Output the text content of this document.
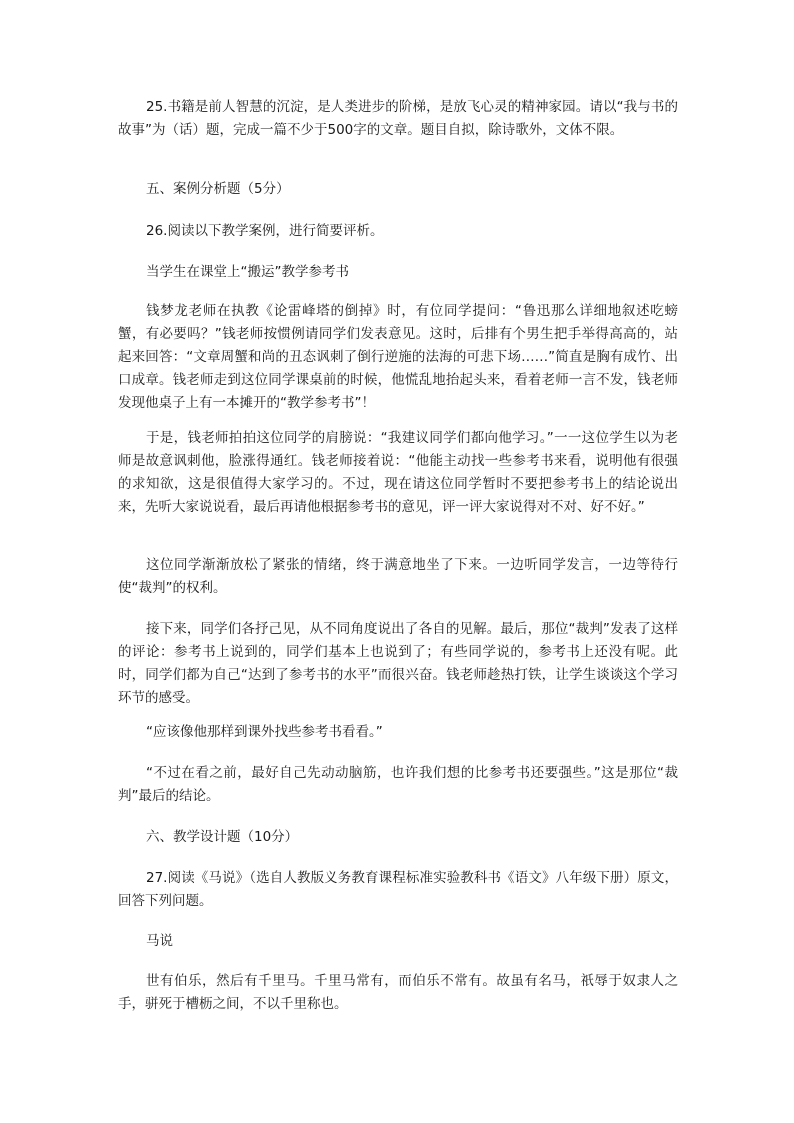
25.书籍是前人智慧的沉淀，是人类进步的阶梯，是放飞心灵的精神家园。请以“我与书的故事”为（话）题，完成一篇不少于500字的文章。题目自拟，除诗歌外，文体不限。

五、案例分析题（5分）

26.阅读以下教学案例，进行简要评析。

当学生在课堂上“搬运”教学参考书

钱梦龙老师在执教《论雷峰塔的倒掉》时，有位同学提问：“鲁迅那么详细地叙述吃螃蟹，有必要吗？”钱老师按惯例请同学们发表意见。这时，后排有个男生把手举得高高的，站起来回答：“文章周蟹和尚的丑态讽刺了倒行逆施的法海的可悲下场……”简直是胸有成竹、出口成章。钱老师走到这位同学课桌前的时候，他慌乱地抬起头来，看着老师一言不发，钱老师发现他桌子上有一本摊开的“教学参考书”！

于是，钱老师拍拍这位同学的肩膀说：“我建议同学们都向他学习。”一一这位学生以为老师是故意讽刺他，脸涨得通红。钱老师接着说：“他能主动找一些参考书来看，说明他有很强的求知欲，这是很值得大家学习的。不过，现在请这位同学暂时不要把参考书上的结论说出来，先听大家说说看，最后再请他根据参考书的意见，评一评大家说得对不对、好不好。”

这位同学渐渐放松了紧张的情绪，终于满意地坐了下来。一边听同学发言，一边等待行使“裁判”的权利。

接下来，同学们各抒己见，从不同角度说出了各自的见解。最后，那位“裁判”发表了这样的评论：参考书上说到的，同学们基本上也说到了；有些同学说的，参考书上还没有呢。此时，同学们都为自己“达到了参考书的水平”而很兴奋。钱老师趁热打铁，让学生谈谈这个学习环节的感受。

“应该像他那样到课外找些参考书看看。”

“不过在看之前，最好自己先动动脑筋，也许我们想的比参考书还要强些。”这是那位“裁判”最后的结论。

六、教学设计题（10分）

27.阅读《马说》（选自人教版义务教育课程标准实验教科书《语文》八年级下册）原文，回答下列问题。

马说

世有伯乐，然后有千里马。千里马常有，而伯乐不常有。故虽有名马，祇辱于奴隶人之手，骈死于槽枥之间，不以千里称也。
